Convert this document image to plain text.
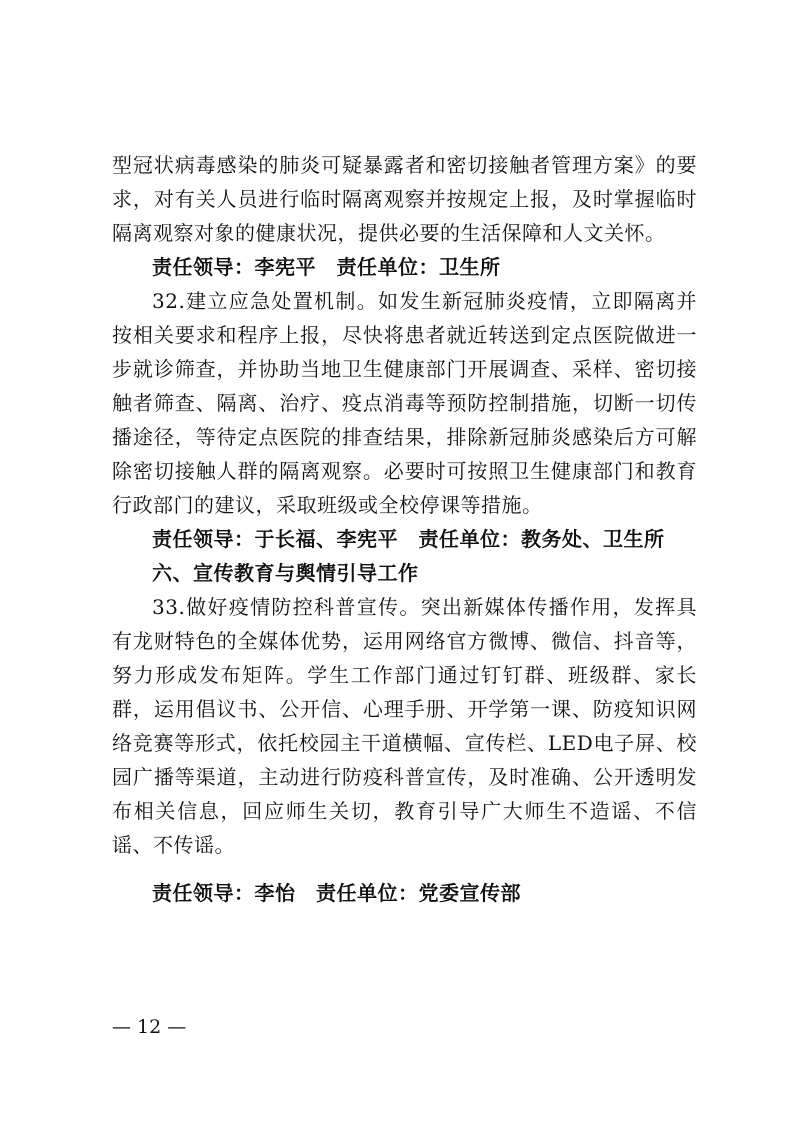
型冠状病毒感染的肺炎可疑暴露者和密切接触者管理方案》的要求，对有关人员进行临时隔离观察并按规定上报，及时掌握临时隔离观察对象的健康状况，提供必要的生活保障和人文关怀。

责任领导：李宪平　责任单位：卫生所

32.建立应急处置机制。如发生新冠肺炎疫情，立即隔离并按相关要求和程序上报，尽快将患者就近转送到定点医院做进一步就诊筛查，并协助当地卫生健康部门开展调查、采样、密切接触者筛查、隔离、治疗、疫点消毒等预防控制措施，切断一切传播途径，等待定点医院的排查结果，排除新冠肺炎感染后方可解除密切接触人群的隔离观察。必要时可按照卫生健康部门和教育行政部门的建议，采取班级或全校停课等措施。

责任领导：于长福、李宪平　责任单位：教务处、卫生所

六、宣传教育与舆情引导工作

33.做好疫情防控科普宣传。突出新媒体传播作用，发挥具有龙财特色的全媒体优势，运用网络官方微博、微信、抖音等，努力形成发布矩阵。学生工作部门通过钉钉群、班级群、家长群，运用倡议书、公开信、心理手册、开学第一课、防疫知识网络竞赛等形式，依托校园主干道横幅、宣传栏、LED电子屏、校园广播等渠道，主动进行防疫科普宣传，及时准确、公开透明发布相关信息，回应师生关切，教育引导广大师生不造谣、不信谣、不传谣。

责任领导：李怡　责任单位：党委宣传部

— 12 —
